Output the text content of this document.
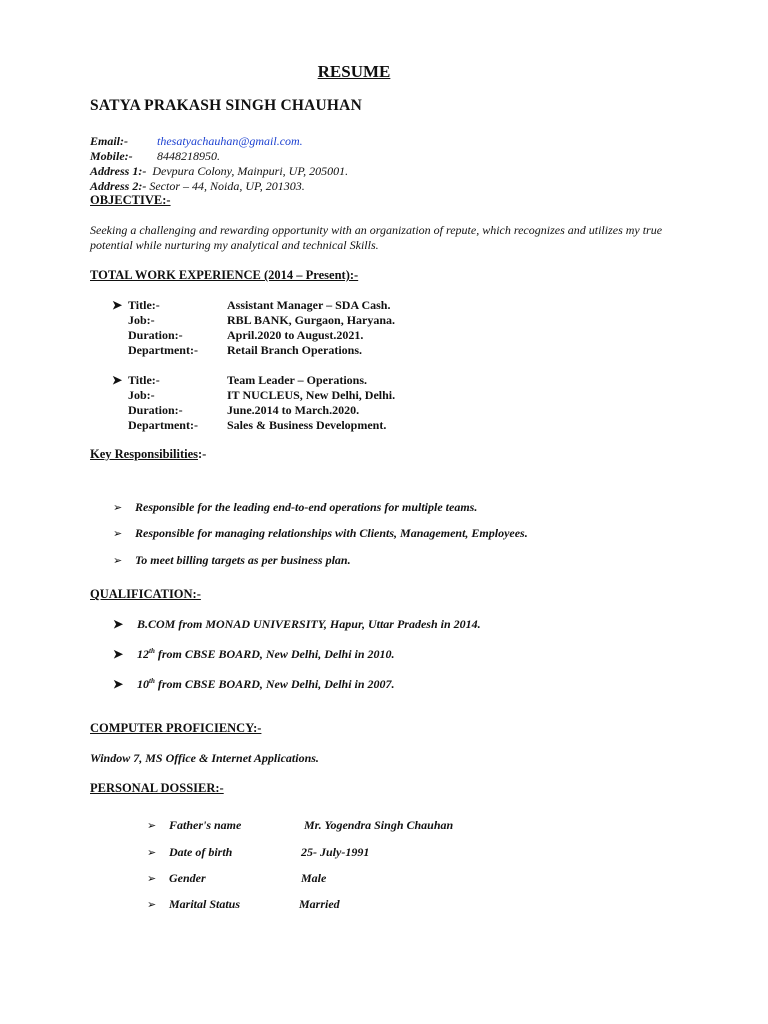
RESUME
SATYA PRAKASH SINGH CHAUHAN
Email:- thesatyachauhan@gmail.com.
Mobile:- 8448218950.
Address 1:- Devpura Colony, Mainpuri, UP, 205001.
Address 2:- Sector – 44, Noida, UP, 201303.
OBJECTIVE:-
Seeking a challenging and rewarding opportunity with an organization of repute, which recognizes and utilizes my true potential while nurturing my analytical and technical Skills.
TOTAL WORK EXPERIENCE (2014 – Present):-
➤ Title:-	Assistant Manager – SDA Cash.
Job:-	RBL BANK, Gurgaon, Haryana.
Duration:-	April.2020 to August.2021.
Department:-	Retail Branch Operations.
➤ Title:-	Team Leader – Operations.
Job:-	IT NUCLEUS, New Delhi, Delhi.
Duration:-	June.2014 to March.2020.
Department:-	Sales & Business Development.
Key Responsibilities:-
➢ Responsible for the leading end-to-end operations for multiple teams.
➢ Responsible for managing relationships with Clients, Management, Employees.
➢ To meet billing targets as per business plan.
QUALIFICATION:-
➤ B.COM from MONAD UNIVERSITY, Hapur, Uttar Pradesh in 2014.
➤ 12th from CBSE BOARD, New Delhi, Delhi in 2010.
➤ 10th from CBSE BOARD, New Delhi, Delhi in 2007.
COMPUTER PROFICIENCY:-
Window 7, MS Office & Internet Applications.
PERSONAL DOSSIER:-
➢ Father's name	Mr. Yogendra Singh Chauhan
➢ Date of birth	25- July-1991
➢ Gender	Male
➢ Marital Status	Married
